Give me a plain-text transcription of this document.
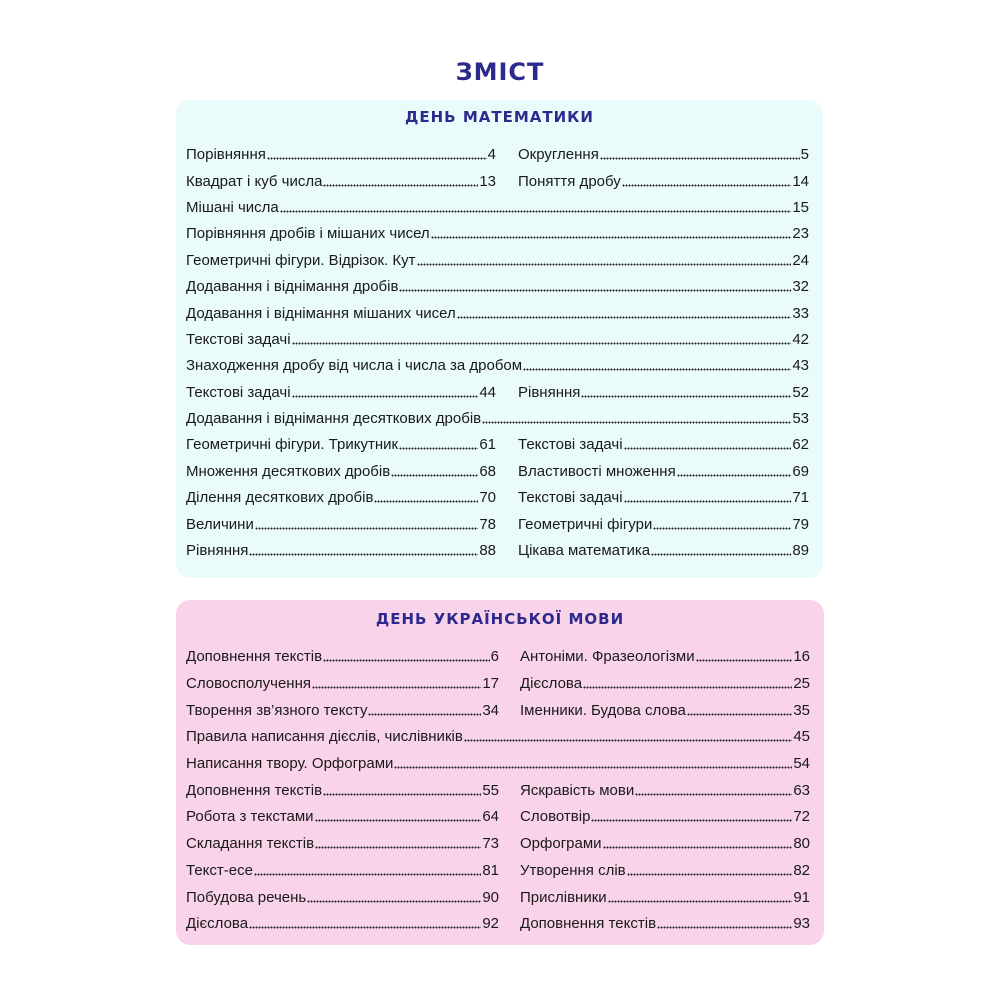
ЗМІСТ
ДЕНЬ МАТЕМАТИКИ
Порівняння	4 Округлення	5
Квадрат і куб числа	13 Поняття дробу	14
Мішані числа	15
Порівняння дробів і мішаних чисел	23
Геометричні фігури. Відрізок. Кут	24
Додавання і віднімання дробів	32
Додавання і віднімання мішаних чисел	33
Текстові задачі	42
Знаходження дробу від числа і числа за дробом	43
Текстові задачі	44 Рівняння	52
Додавання і віднімання десяткових дробів	53
Геометричні фігури. Трикутник	61 Текстові задачі	62
Множення десяткових дробів	68 Властивості множення	69
Ділення десяткових дробів	70 Текстові задачі	71
Величини	78 Геометричні фігури	79
Рівняння	88 Цікава математика	89
ДЕНЬ УКРАЇНСЬКОЇ МОВИ
Доповнення текстів	6 Антоніми. Фразеологізми	16
Словосполучення	17 Дієслова	25
Творення зв’язного тексту	34 Іменники. Будова слова	35
Правила написання дієслів, числівників	45
Написання твору. Орфограми	54
Доповнення текстів	55 Яскравість мови	63
Робота з текстами	64 Словотвір	72
Складання текстів	73 Орфограми	80
Текст-есе	81 Утворення слів	82
Побудова речень	90 Прислівники	91
Дієслова	92 Доповнення текстів	93
